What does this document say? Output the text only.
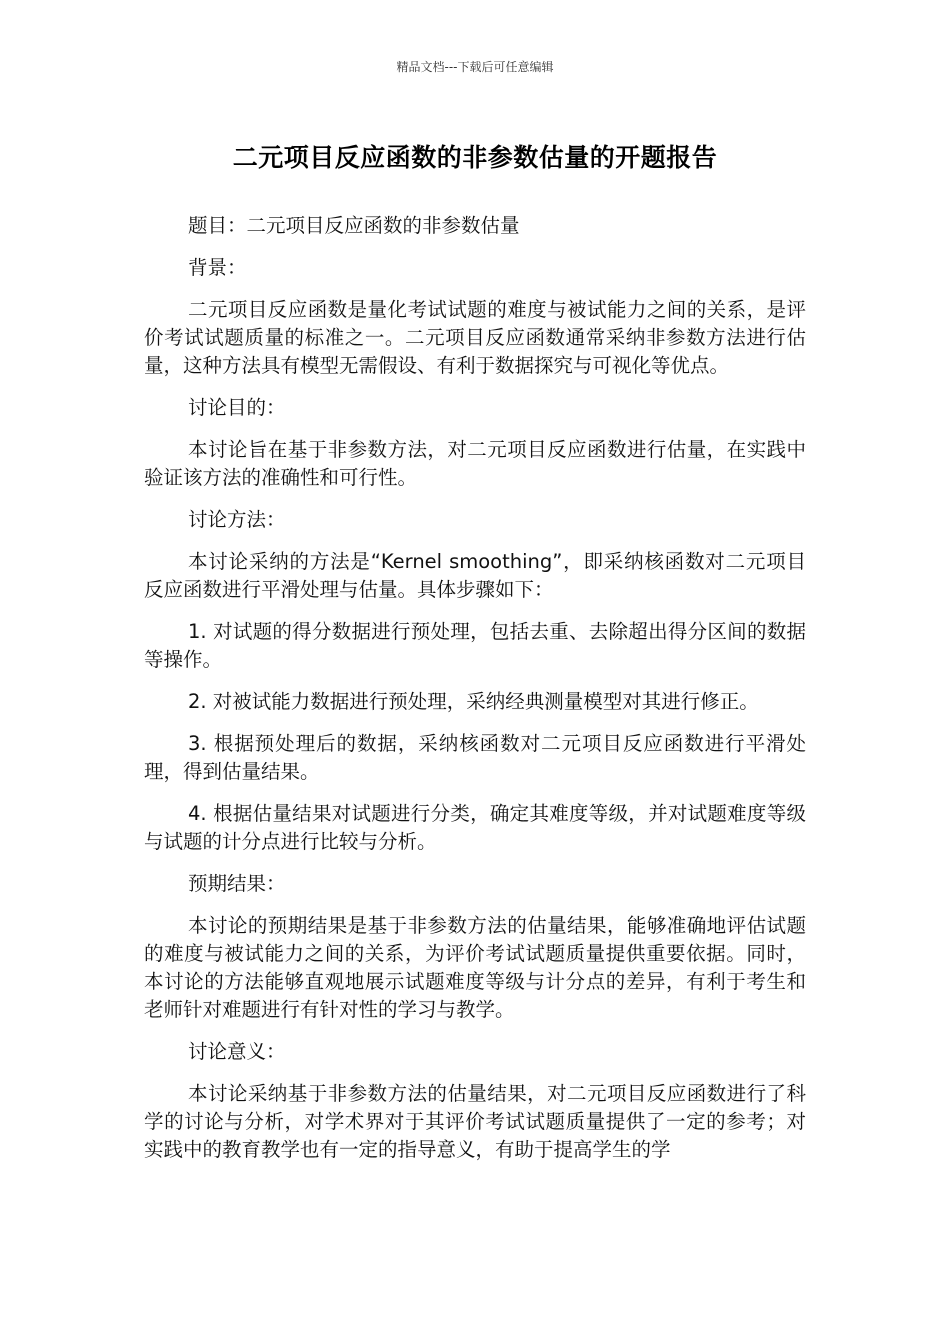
精品文档---下载后可任意编辑
二元项目反应函数的非参数估量的开题报告

题目：二元项目反应函数的非参数估量

背景：

二元项目反应函数是量化考试试题的难度与被试能力之间的关系，是评价考试试题质量的标准之一。二元项目反应函数通常采纳非参数方法进行估量，这种方法具有模型无需假设、有利于数据探究与可视化等优点。

讨论目的：

本讨论旨在基于非参数方法，对二元项目反应函数进行估量，在实践中验证该方法的准确性和可行性。

讨论方法：

本讨论采纳的方法是“Kernel smoothing”，即采纳核函数对二元项目反应函数进行平滑处理与估量。具体步骤如下：

1. 对试题的得分数据进行预处理，包括去重、去除超出得分区间的数据等操作。

2. 对被试能力数据进行预处理，采纳经典测量模型对其进行修正。

3. 根据预处理后的数据，采纳核函数对二元项目反应函数进行平滑处理，得到估量结果。

4. 根据估量结果对试题进行分类，确定其难度等级，并对试题难度等级与试题的计分点进行比较与分析。

预期结果：

本讨论的预期结果是基于非参数方法的估量结果，能够准确地评估试题的难度与被试能力之间的关系，为评价考试试题质量提供重要依据。同时，本讨论的方法能够直观地展示试题难度等级与计分点的差异，有利于考生和老师针对难题进行有针对性的学习与教学。

讨论意义：

本讨论采纳基于非参数方法的估量结果，对二元项目反应函数进行了科学的讨论与分析，对学术界对于其评价考试试题质量提供了一定的参考；对实践中的教育教学也有一定的指导意义，有助于提高学生的学
